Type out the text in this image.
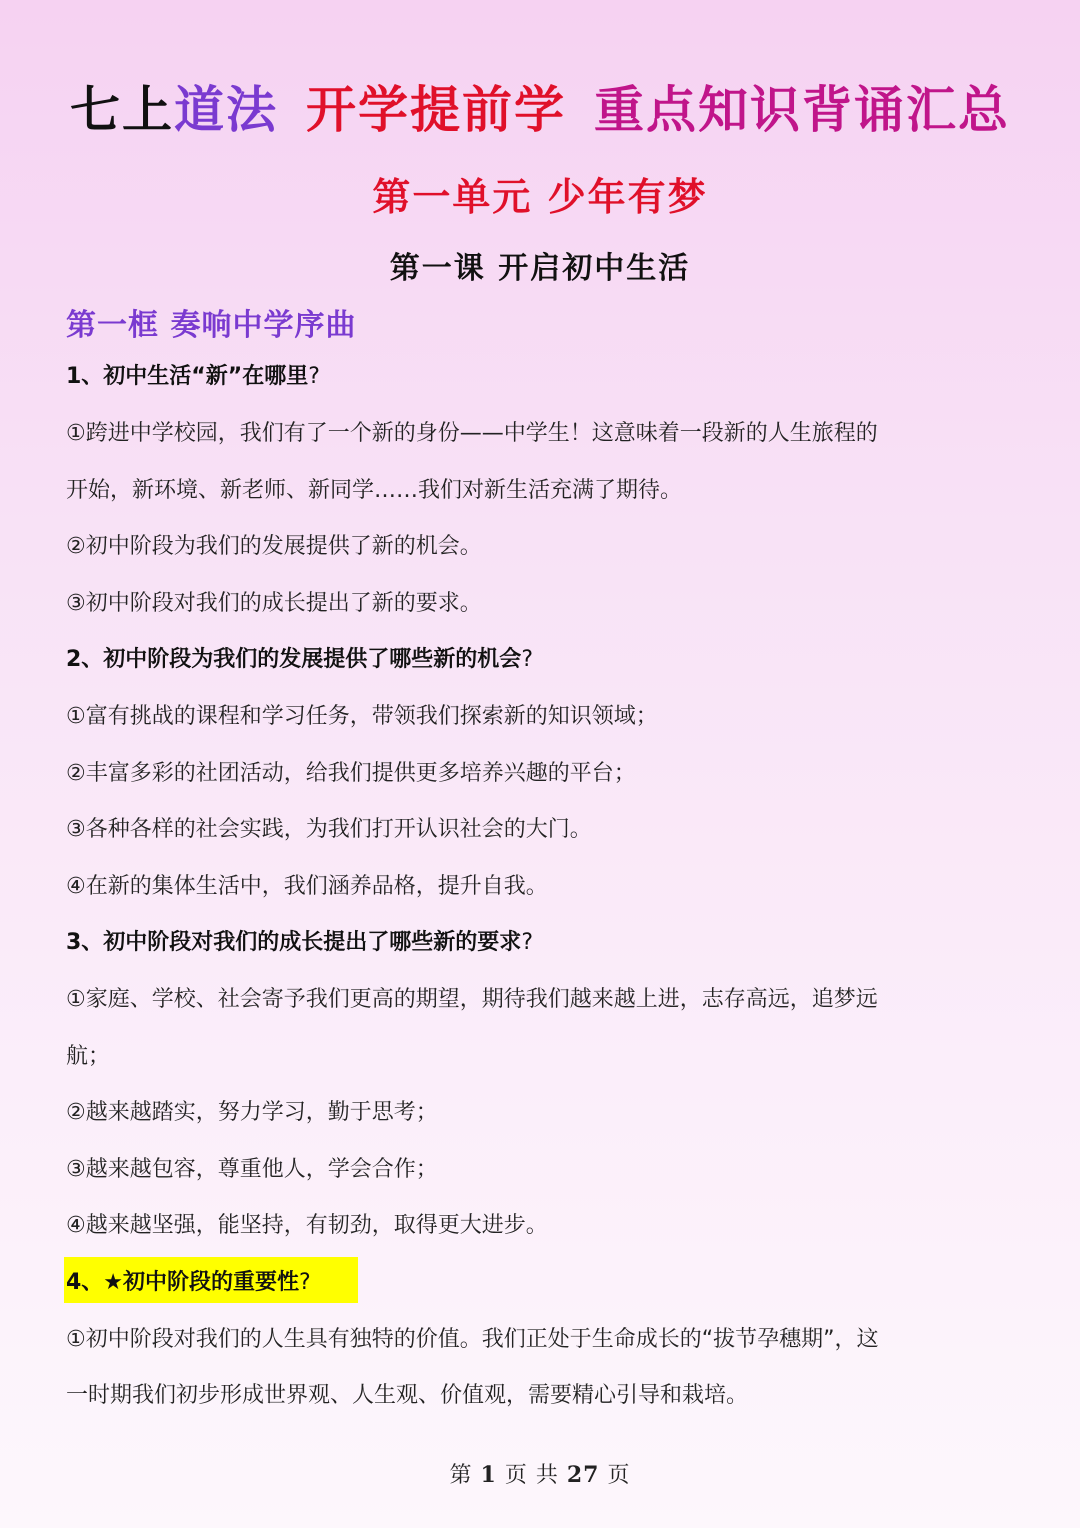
七上道法 开学提前学 重点知识背诵汇总
第一单元 少年有梦
第一课 开启初中生活
第一框 奏响中学序曲
1、初中生活“新”在哪里?
①跨进中学校园，我们有了一个新的身份——中学生！这意味着一段新的人生旅程的
开始，新环境、新老师、新同学……我们对新生活充满了期待。
②初中阶段为我们的发展提供了新的机会。
③初中阶段对我们的成长提出了新的要求。
2、初中阶段为我们的发展提供了哪些新的机会?
①富有挑战的课程和学习任务，带领我们探索新的知识领域；
②丰富多彩的社团活动，给我们提供更多培养兴趣的平台；
③各种各样的社会实践，为我们打开认识社会的大门。
④在新的集体生活中，我们涵养品格，提升自我。
3、初中阶段对我们的成长提出了哪些新的要求?
①家庭、学校、社会寄予我们更高的期望，期待我们越来越上进，志存高远，追梦远
航；
②越来越踏实，努力学习，勤于思考；
③越来越包容，尊重他人，学会合作；
④越来越坚强，能坚持，有韧劲，取得更大进步。
4、★初中阶段的重要性?
①初中阶段对我们的人生具有独特的价值。我们正处于生命成长的“拔节孕穗期”，这
一时期我们初步形成世界观、人生观、价值观，需要精心引导和栽培。
第 1 页 共 27 页
